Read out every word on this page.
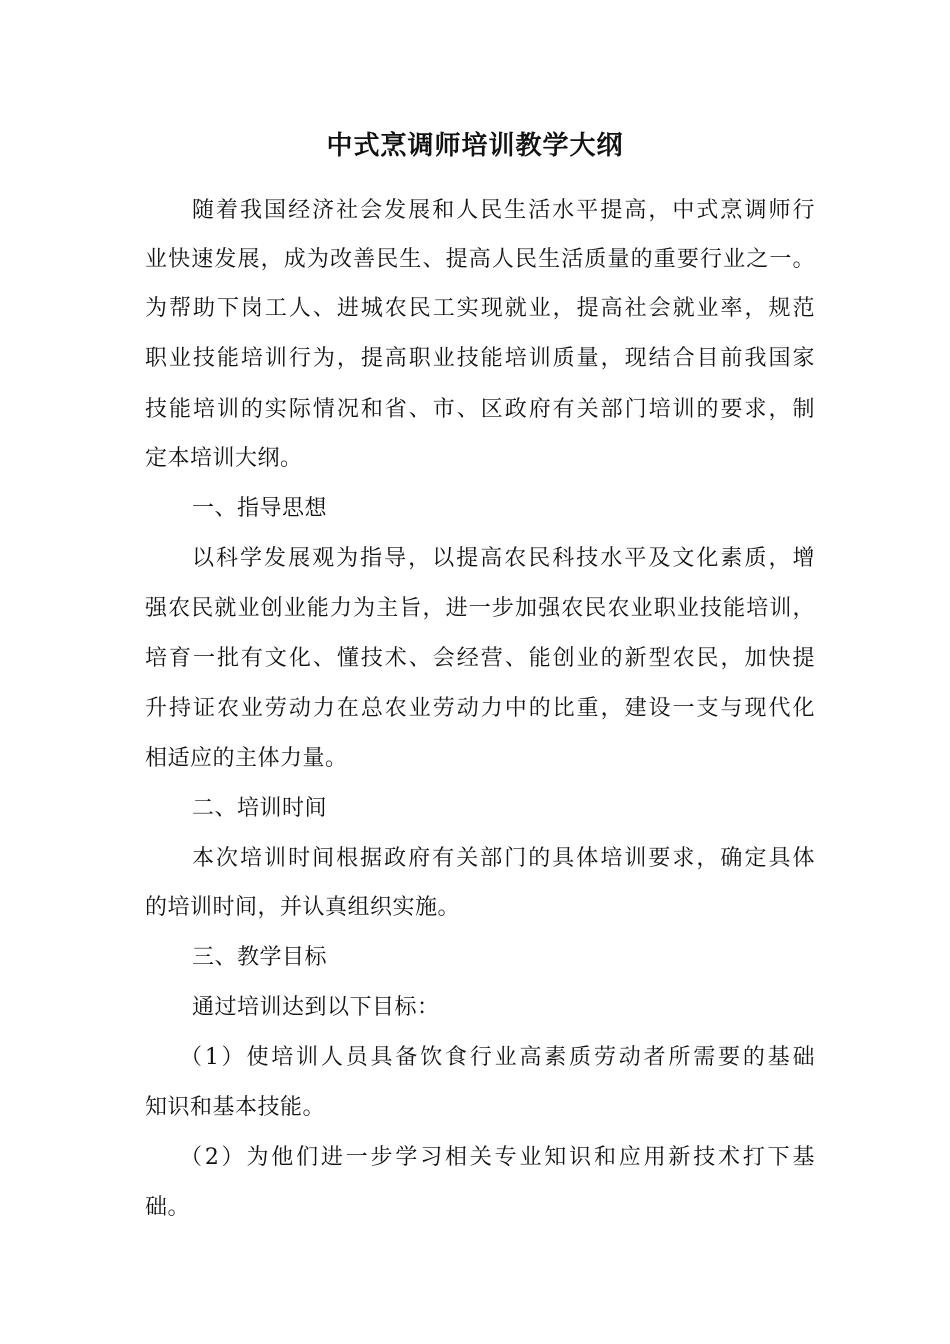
中式烹调师培训教学大纲

随着我国经济社会发展和人民生活水平提高，中式烹调师行

业快速发展，成为改善民生、提高人民生活质量的重要行业之一。

为帮助下岗工人、进城农民工实现就业，提高社会就业率，规范

职业技能培训行为，提高职业技能培训质量，现结合目前我国家

技能培训的实际情况和省、市、区政府有关部门培训的要求，制

定本培训大纲。

一、指导思想

以科学发展观为指导，以提高农民科技水平及文化素质，增

强农民就业创业能力为主旨，进一步加强农民农业职业技能培训，

培育一批有文化、懂技术、会经营、能创业的新型农民，加快提

升持证农业劳动力在总农业劳动力中的比重，建设一支与现代化

相适应的主体力量。

二、培训时间

本次培训时间根据政府有关部门的具体培训要求，确定具体

的培训时间，并认真组织实施。

三、教学目标

通过培训达到以下目标：

（1）使培训人员具备饮食行业高素质劳动者所需要的基础

知识和基本技能。

（2）为他们进一步学习相关专业知识和应用新技术打下基

础。
